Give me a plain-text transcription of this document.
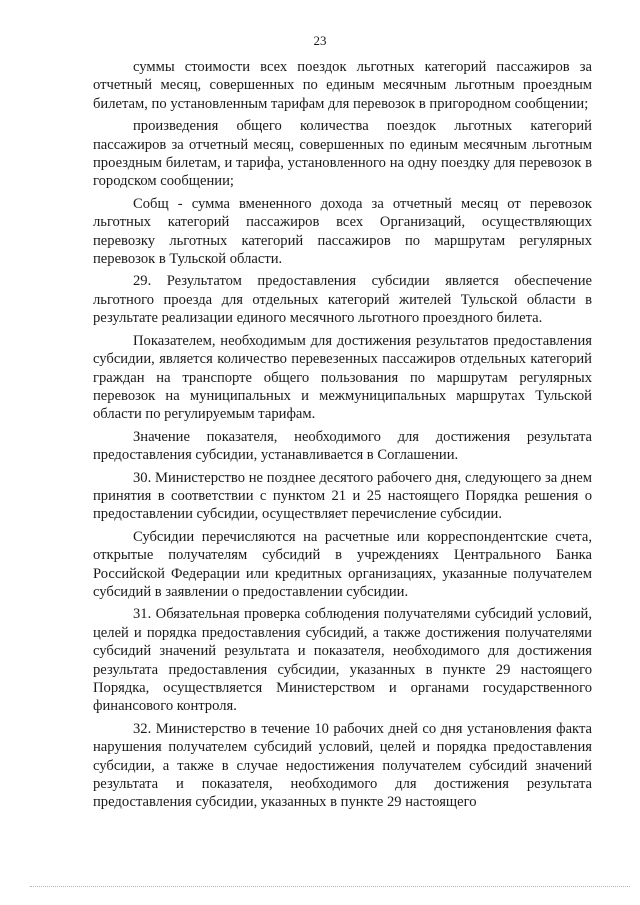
23

суммы стоимости всех поездок льготных категорий пассажиров за отчетный месяц, совершенных по единым месячным льготным проездным билетам, по установленным тарифам для перевозок в пригородном сообщении;

произведения общего количества поездок льготных категорий пассажиров за отчетный месяц, совершенных по единым месячным льготным проездным билетам, и тарифа, установленного на одну поездку для перевозок в городском сообщении;

Собщ - сумма вмененного дохода за отчетный месяц от перевозок льготных категорий пассажиров всех Организаций, осуществляющих перевозку льготных категорий пассажиров по маршрутам регулярных перевозок в Тульской области.

29. Результатом предоставления субсидии является обеспечение льготного проезда для отдельных категорий жителей Тульской области в результате реализации единого месячного льготного проездного билета.

Показателем, необходимым для достижения результатов предоставления субсидии, является количество перевезенных пассажиров отдельных категорий граждан на транспорте общего пользования по маршрутам регулярных перевозок на муниципальных и межмуниципальных маршрутах Тульской области по регулируемым тарифам.

Значение показателя, необходимого для достижения результата предоставления субсидии, устанавливается в Соглашении.

30. Министерство не позднее десятого рабочего дня, следующего за днем принятия в соответствии с пунктом 21 и 25 настоящего Порядка решения о предоставлении субсидии, осуществляет перечисление субсидии.

Субсидии перечисляются на расчетные или корреспондентские счета, открытые получателям субсидий в учреждениях Центрального Банка Российской Федерации или кредитных организациях, указанные получателем субсидий в заявлении о предоставлении субсидии.

31. Обязательная проверка соблюдения получателями субсидий условий, целей и порядка предоставления субсидий, а также достижения получателями субсидий значений результата и показателя, необходимого для достижения результата предоставления субсидии, указанных в пункте 29 настоящего Порядка, осуществляется Министерством и органами государственного финансового контроля.

32. Министерство в течение 10 рабочих дней со дня установления факта нарушения получателем субсидий условий, целей и порядка предоставления субсидии, а также в случае недостижения получателем субсидий значений результата и показателя, необходимого для достижения результата предоставления субсидии, указанных в пункте 29 настоящего
